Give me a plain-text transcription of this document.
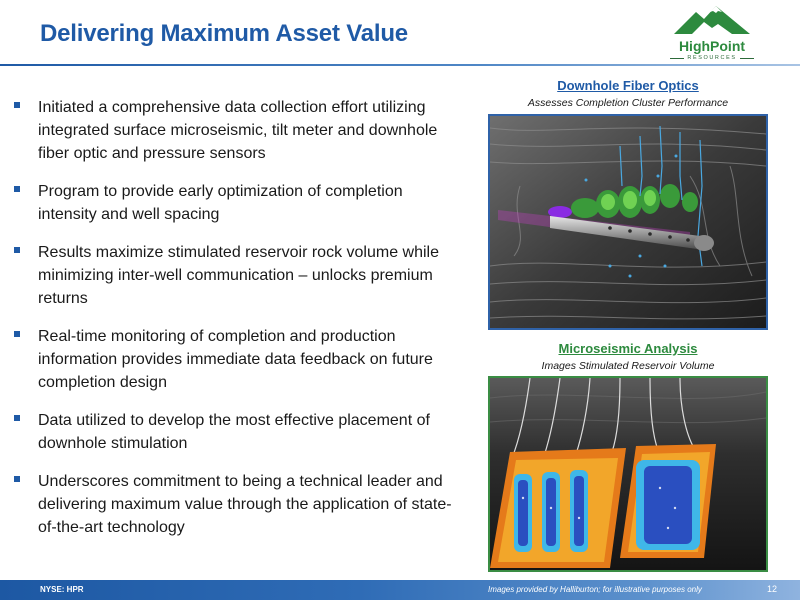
Delivering Maximum Asset Value	HighPoint
RESOURCES
Initiated a comprehensive data collection effort utilizing integrated surface microseismic, tilt meter and downhole fiber optic and pressure sensors
Program to provide early optimization of completion intensity and well spacing
Results maximize stimulated reservoir rock volume while minimizing inter-well communication – unlocks premium returns
Real-time monitoring of completion and production information provides immediate data feedback on future completion design
Data utilized to develop the most effective placement of downhole stimulation
Underscores commitment to being a technical leader and delivering maximum value through the application of state-of-the-art technology
Downhole Fiber Optics
Assesses Completion Cluster Performance
Microseismic Analysis
Images Stimulated Reservoir Volume
NYSE: HPR	Images provided by Halliburton; for illustrative purposes only	12
